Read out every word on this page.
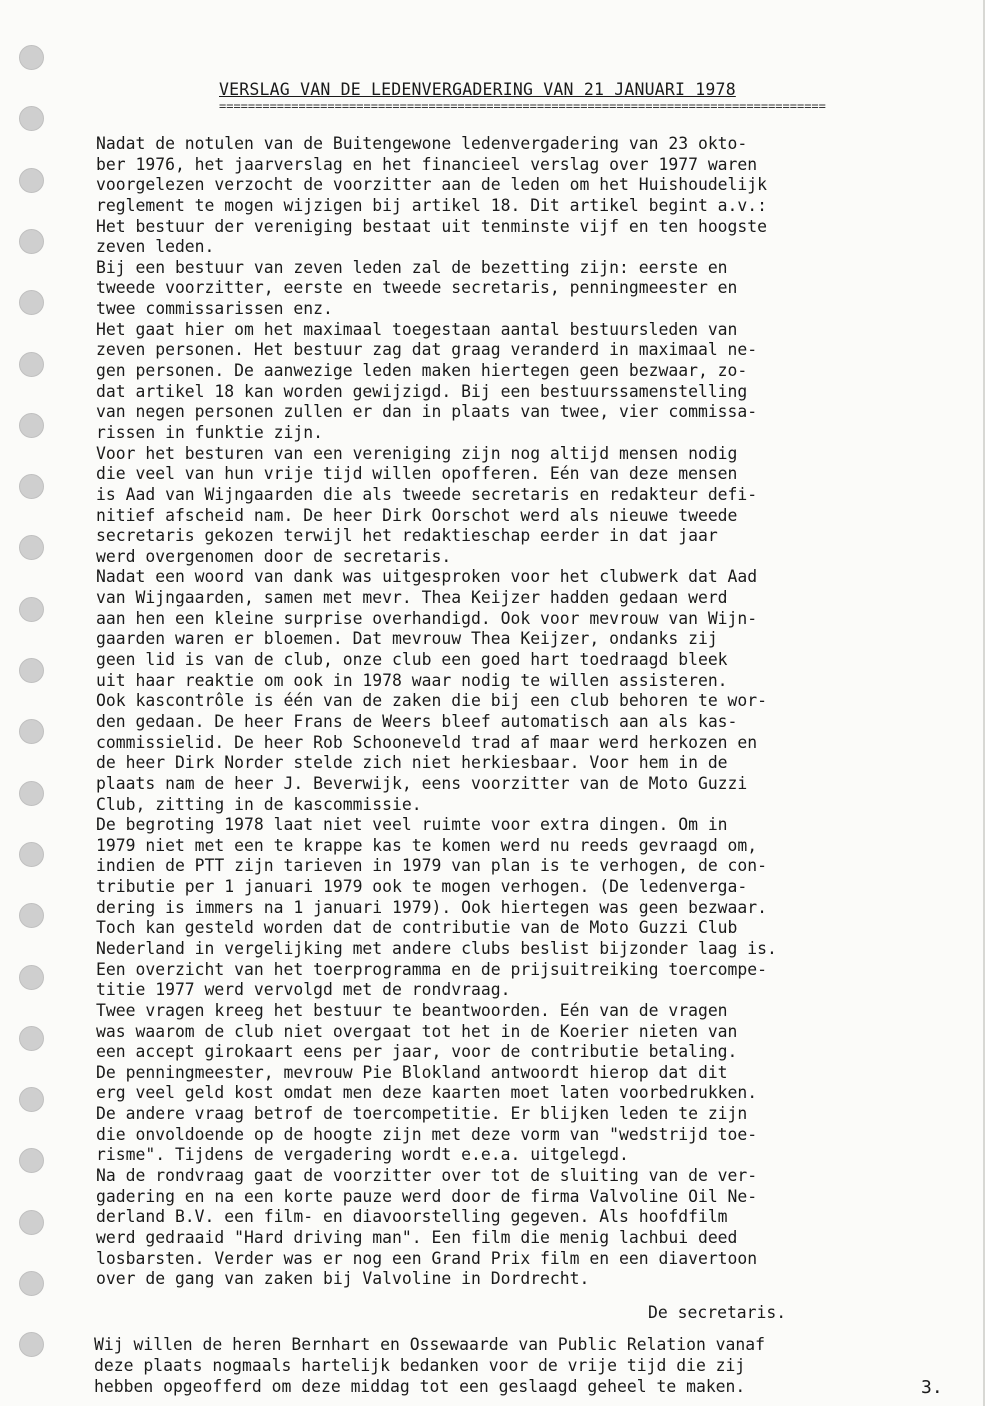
VERSLAG VAN DE LEDENVERGADERING VAN 21 JANUARI 1978
====================================================================================
Nadat de notulen van de Buitengewone ledenvergadering van 23 okto-
ber 1976, het jaarverslag en het financieel verslag over 1977 waren
voorgelezen verzocht de voorzitter aan de leden om het Huishoudelijk
reglement te mogen wijzigen bij artikel 18. Dit artikel begint a.v.:
Het bestuur der vereniging bestaat uit tenminste vijf en ten hoogste
zeven leden.
Bij een bestuur van zeven leden zal de bezetting zijn: eerste en
tweede voorzitter, eerste en tweede secretaris, penningmeester en
twee commissarissen enz.
Het gaat hier om het maximaal toegestaan aantal bestuursleden van
zeven personen. Het bestuur zag dat graag veranderd in maximaal ne-
gen personen. De aanwezige leden maken hiertegen geen bezwaar, zo-
dat artikel 18 kan worden gewijzigd. Bij een bestuurssamenstelling
van negen personen zullen er dan in plaats van twee, vier commissa-
rissen in funktie zijn.
Voor het besturen van een vereniging zijn nog altijd mensen nodig
die veel van hun vrije tijd willen opofferen. Eén van deze mensen
is Aad van Wijngaarden die als tweede secretaris en redakteur defi-
nitief afscheid nam. De heer Dirk Oorschot werd als nieuwe tweede
secretaris gekozen terwijl het redaktieschap eerder in dat jaar
werd overgenomen door de secretaris.
Nadat een woord van dank was uitgesproken voor het clubwerk dat Aad
van Wijngaarden, samen met mevr. Thea Keijzer hadden gedaan werd
aan hen een kleine surprise overhandigd. Ook voor mevrouw van Wijn-
gaarden waren er bloemen. Dat mevrouw Thea Keijzer, ondanks zij
geen lid is van de club, onze club een goed hart toedraagd bleek
uit haar reaktie om ook in 1978 waar nodig te willen assisteren.
Ook kascontrôle is één van de zaken die bij een club behoren te wor-
den gedaan. De heer Frans de Weers bleef automatisch aan als kas-
commissielid. De heer Rob Schooneveld trad af maar werd herkozen en
de heer Dirk Norder stelde zich niet herkiesbaar. Voor hem in de
plaats nam de heer J. Beverwijk, eens voorzitter van de Moto Guzzi
Club, zitting in de kascommissie.
De begroting 1978 laat niet veel ruimte voor extra dingen. Om in
1979 niet met een te krappe kas te komen werd nu reeds gevraagd om,
indien de PTT zijn tarieven in 1979 van plan is te verhogen, de con-
tributie per 1 januari 1979 ook te mogen verhogen. (De ledenverga-
dering is immers na 1 januari 1979). Ook hiertegen was geen bezwaar.
Toch kan gesteld worden dat de contributie van de Moto Guzzi Club
Nederland in vergelijking met andere clubs beslist bijzonder laag is.
Een overzicht van het toerprogramma en de prijsuitreiking toercompe-
titie 1977 werd vervolgd met de rondvraag.
Twee vragen kreeg het bestuur te beantwoorden. Eén van de vragen
was waarom de club niet overgaat tot het in de Koerier nieten van
een accept girokaart eens per jaar, voor de contributie betaling.
De penningmeester, mevrouw Pie Blokland antwoordt hierop dat dit
erg veel geld kost omdat men deze kaarten moet laten voorbedrukken.
De andere vraag betrof de toercompetitie. Er blijken leden te zijn
die onvoldoende op de hoogte zijn met deze vorm van "wedstrijd toe-
risme". Tijdens de vergadering wordt e.e.a. uitgelegd.
Na de rondvraag gaat de voorzitter over tot de sluiting van de ver-
gadering en na een korte pauze werd door de firma Valvoline Oil Ne-
derland B.V. een film- en diavoorstelling gegeven. Als hoofdfilm
werd gedraaid "Hard driving man". Een film die menig lachbui deed
losbarsten. Verder was er nog een Grand Prix film en een diavertoon
over de gang van zaken bij Valvoline in Dordrecht.
De secretaris.
Wij willen de heren Bernhart en Ossewaarde van Public Relation vanaf
deze plaats nogmaals hartelijk bedanken voor de vrije tijd die zij
hebben opgeofferd om deze middag tot een geslaagd geheel te maken.	3.
